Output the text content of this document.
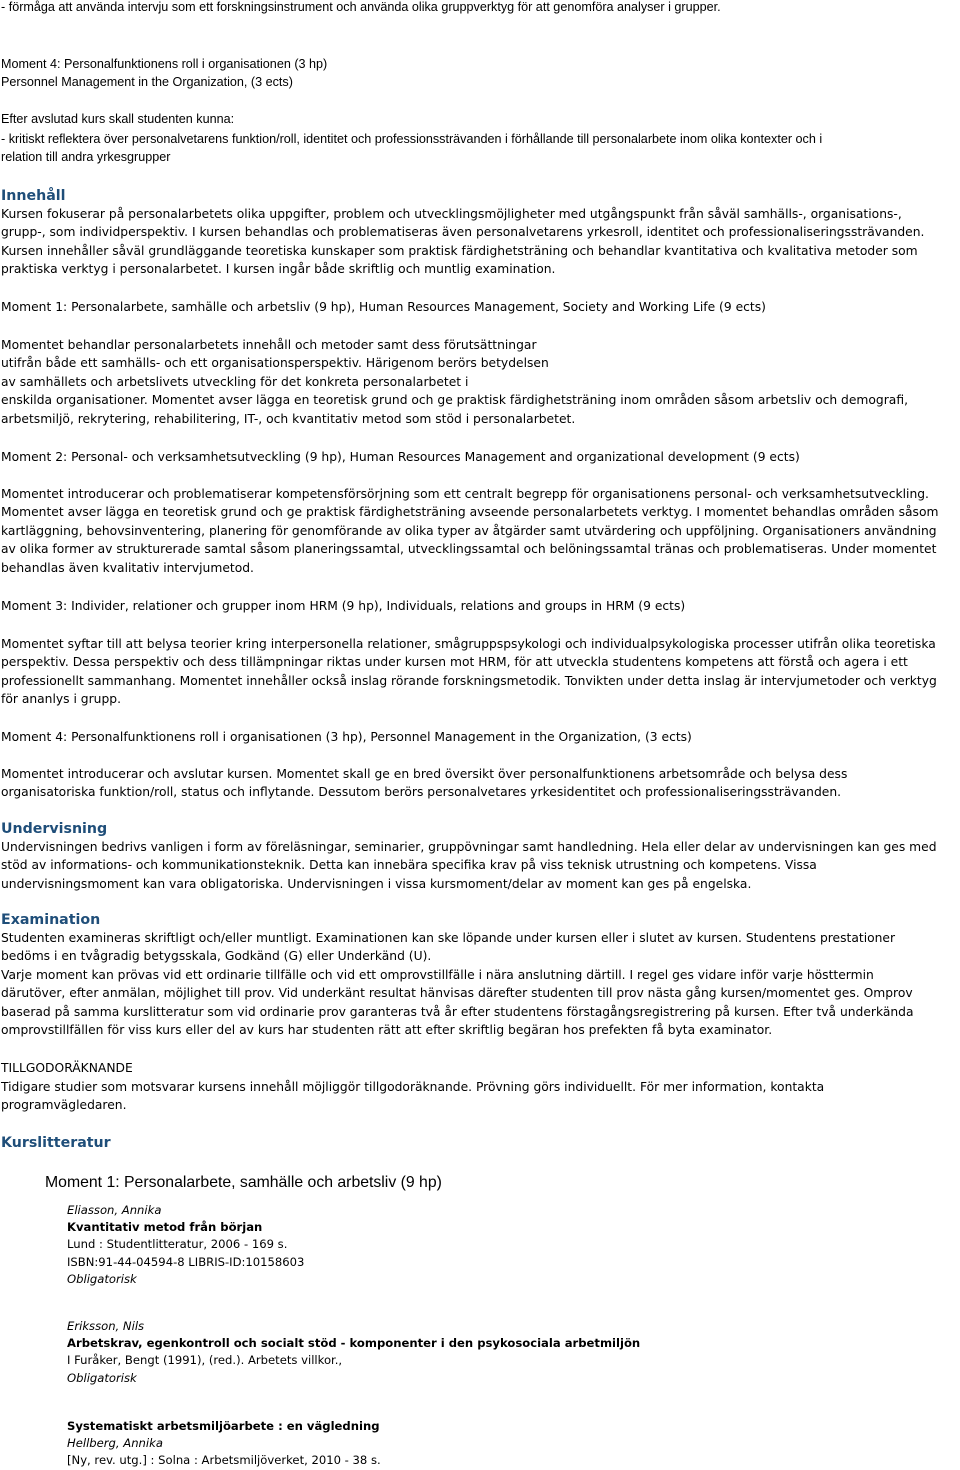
- förmåga att använda intervju som ett forskningsinstrument och använda olika gruppverktyg för att genomföra analyser i grupper.
Moment 4: Personalfunktionens roll i organisationen (3 hp)
Personnel Management in the Organization, (3 ects)
Efter avslutad kurs skall studenten kunna:
- kritiskt reflektera över personalvetarens funktion/roll, identitet och professionssträvanden i förhållande till personalarbete inom olika kontexter och i
relation till andra yrkesgrupper
Innehåll
Kursen fokuserar på personalarbetets olika uppgifter, problem och utvecklingsmöjligheter med utgångspunkt från såväl samhälls-, organisations-,
grupp-, som individperspektiv. I kursen behandlas och problematiseras även personalvetarens yrkesroll, identitet och professionaliseringssträvanden.
Kursen innehåller såväl grundläggande teoretiska kunskaper som praktisk färdighetsträning och behandlar kvantitativa och kvalitativa metoder som
praktiska verktyg i personalarbetet. I kursen ingår både skriftlig och muntlig examination.
Moment 1: Personalarbete, samhälle och arbetsliv (9 hp), Human Resources Management, Society and Working Life (9 ects)
Momentet behandlar personalarbetets innehåll och metoder samt dess förutsättningar
utifrån både ett samhälls- och ett organisationsperspektiv. Härigenom berörs betydelsen
av samhällets och arbetslivets utveckling för det konkreta personalarbetet i
enskilda organisationer. Momentet avser lägga en teoretisk grund och ge praktisk färdighetsträning inom områden såsom arbetsliv och demografi,
arbetsmiljö, rekrytering, rehabilitering, IT-, och kvantitativ metod som stöd i personalarbetet.
Moment 2: Personal- och verksamhetsutveckling (9 hp), Human Resources Management and organizational development (9 ects)
Momentet introducerar och problematiserar kompetensförsörjning som ett centralt begrepp för organisationens personal- och verksamhetsutveckling.
Momentet avser lägga en teoretisk grund och ge praktisk färdighetsträning avseende personalarbetets verktyg. I momentet behandlas områden såsom
kartläggning, behovsinventering, planering för genomförande av olika typer av åtgärder samt utvärdering och uppföljning. Organisationers användning
av olika former av strukturerade samtal såsom planeringssamtal, utvecklingssamtal och belöningssamtal tränas och problematiseras. Under momentet
behandlas även kvalitativ intervjumetod.
Moment 3: Individer, relationer och grupper inom HRM (9 hp), Individuals, relations and groups in HRM (9 ects)
Momentet syftar till att belysa teorier kring interpersonella relationer, smågruppspsykologi och individualpsykologiska processer utifrån olika teoretiska
perspektiv. Dessa perspektiv och dess tillämpningar riktas under kursen mot HRM, för att utveckla studentens kompetens att förstå och agera i ett
professionellt sammanhang. Momentet innehåller också inslag rörande forskningsmetodik. Tonvikten under detta inslag är intervjumetoder och verktyg
för ananlys i grupp.
Moment 4: Personalfunktionens roll i organisationen (3 hp), Personnel Management in the Organization, (3 ects)
Momentet introducerar och avslutar kursen. Momentet skall ge en bred översikt över personalfunktionens arbetsområde och belysa dess
organisatoriska funktion/roll, status och inflytande. Dessutom berörs personalvetares yrkesidentitet och professionaliseringssträvanden.
Undervisning
Undervisningen bedrivs vanligen i form av föreläsningar, seminarier, gruppövningar samt handledning. Hela eller delar av undervisningen kan ges med
stöd av informations- och kommunikationsteknik. Detta kan innebära specifika krav på viss teknisk utrustning och kompetens. Vissa
undervisningsmoment kan vara obligatoriska. Undervisningen i vissa kursmoment/delar av moment kan ges på engelska.
Examination
Studenten examineras skriftligt och/eller muntligt. Examinationen kan ske löpande under kursen eller i slutet av kursen. Studentens prestationer
bedöms i en tvågradig betygsskala, Godkänd (G) eller Underkänd (U).
Varje moment kan prövas vid ett ordinarie tillfälle och vid ett omprovstillfälle i nära anslutning därtill. I regel ges vidare inför varje hösttermin
därutöver, efter anmälan, möjlighet till prov. Vid underkänt resultat hänvisas därefter studenten till prov nästa gång kursen/momentet ges. Omprov
baserad på samma kurslitteratur som vid ordinarie prov garanteras två år efter studentens förstagångsregistrering på kursen. Efter två underkända
omprovstillfällen för viss kurs eller del av kurs har studenten rätt att efter skriftlig begäran hos prefekten få byta examinator.
TILLGODORÄKNANDE
Tidigare studier som motsvarar kursens innehåll möjliggör tillgodoräknande. Prövning görs individuellt. För mer information, kontakta
programvägledaren.
Kurslitteratur
Moment 1: Personalarbete, samhälle och arbetsliv (9 hp)
Eliasson, Annika
Kvantitativ metod från början
Lund : Studentlitteratur, 2006 - 169 s.
ISBN:91-44-04594-8 LIBRIS-ID:10158603
Obligatorisk
Eriksson, Nils
Arbetskrav, egenkontroll och socialt stöd - komponenter i den psykosociala arbetmiljön
I Furåker, Bengt (1991), (red.). Arbetets villkor.,
Obligatorisk
Systematiskt arbetsmiljöarbete : en vägledning
Hellberg, Annika
[Ny, rev. utg.] : Solna : Arbetsmiljöverket, 2010 - 38 s.
